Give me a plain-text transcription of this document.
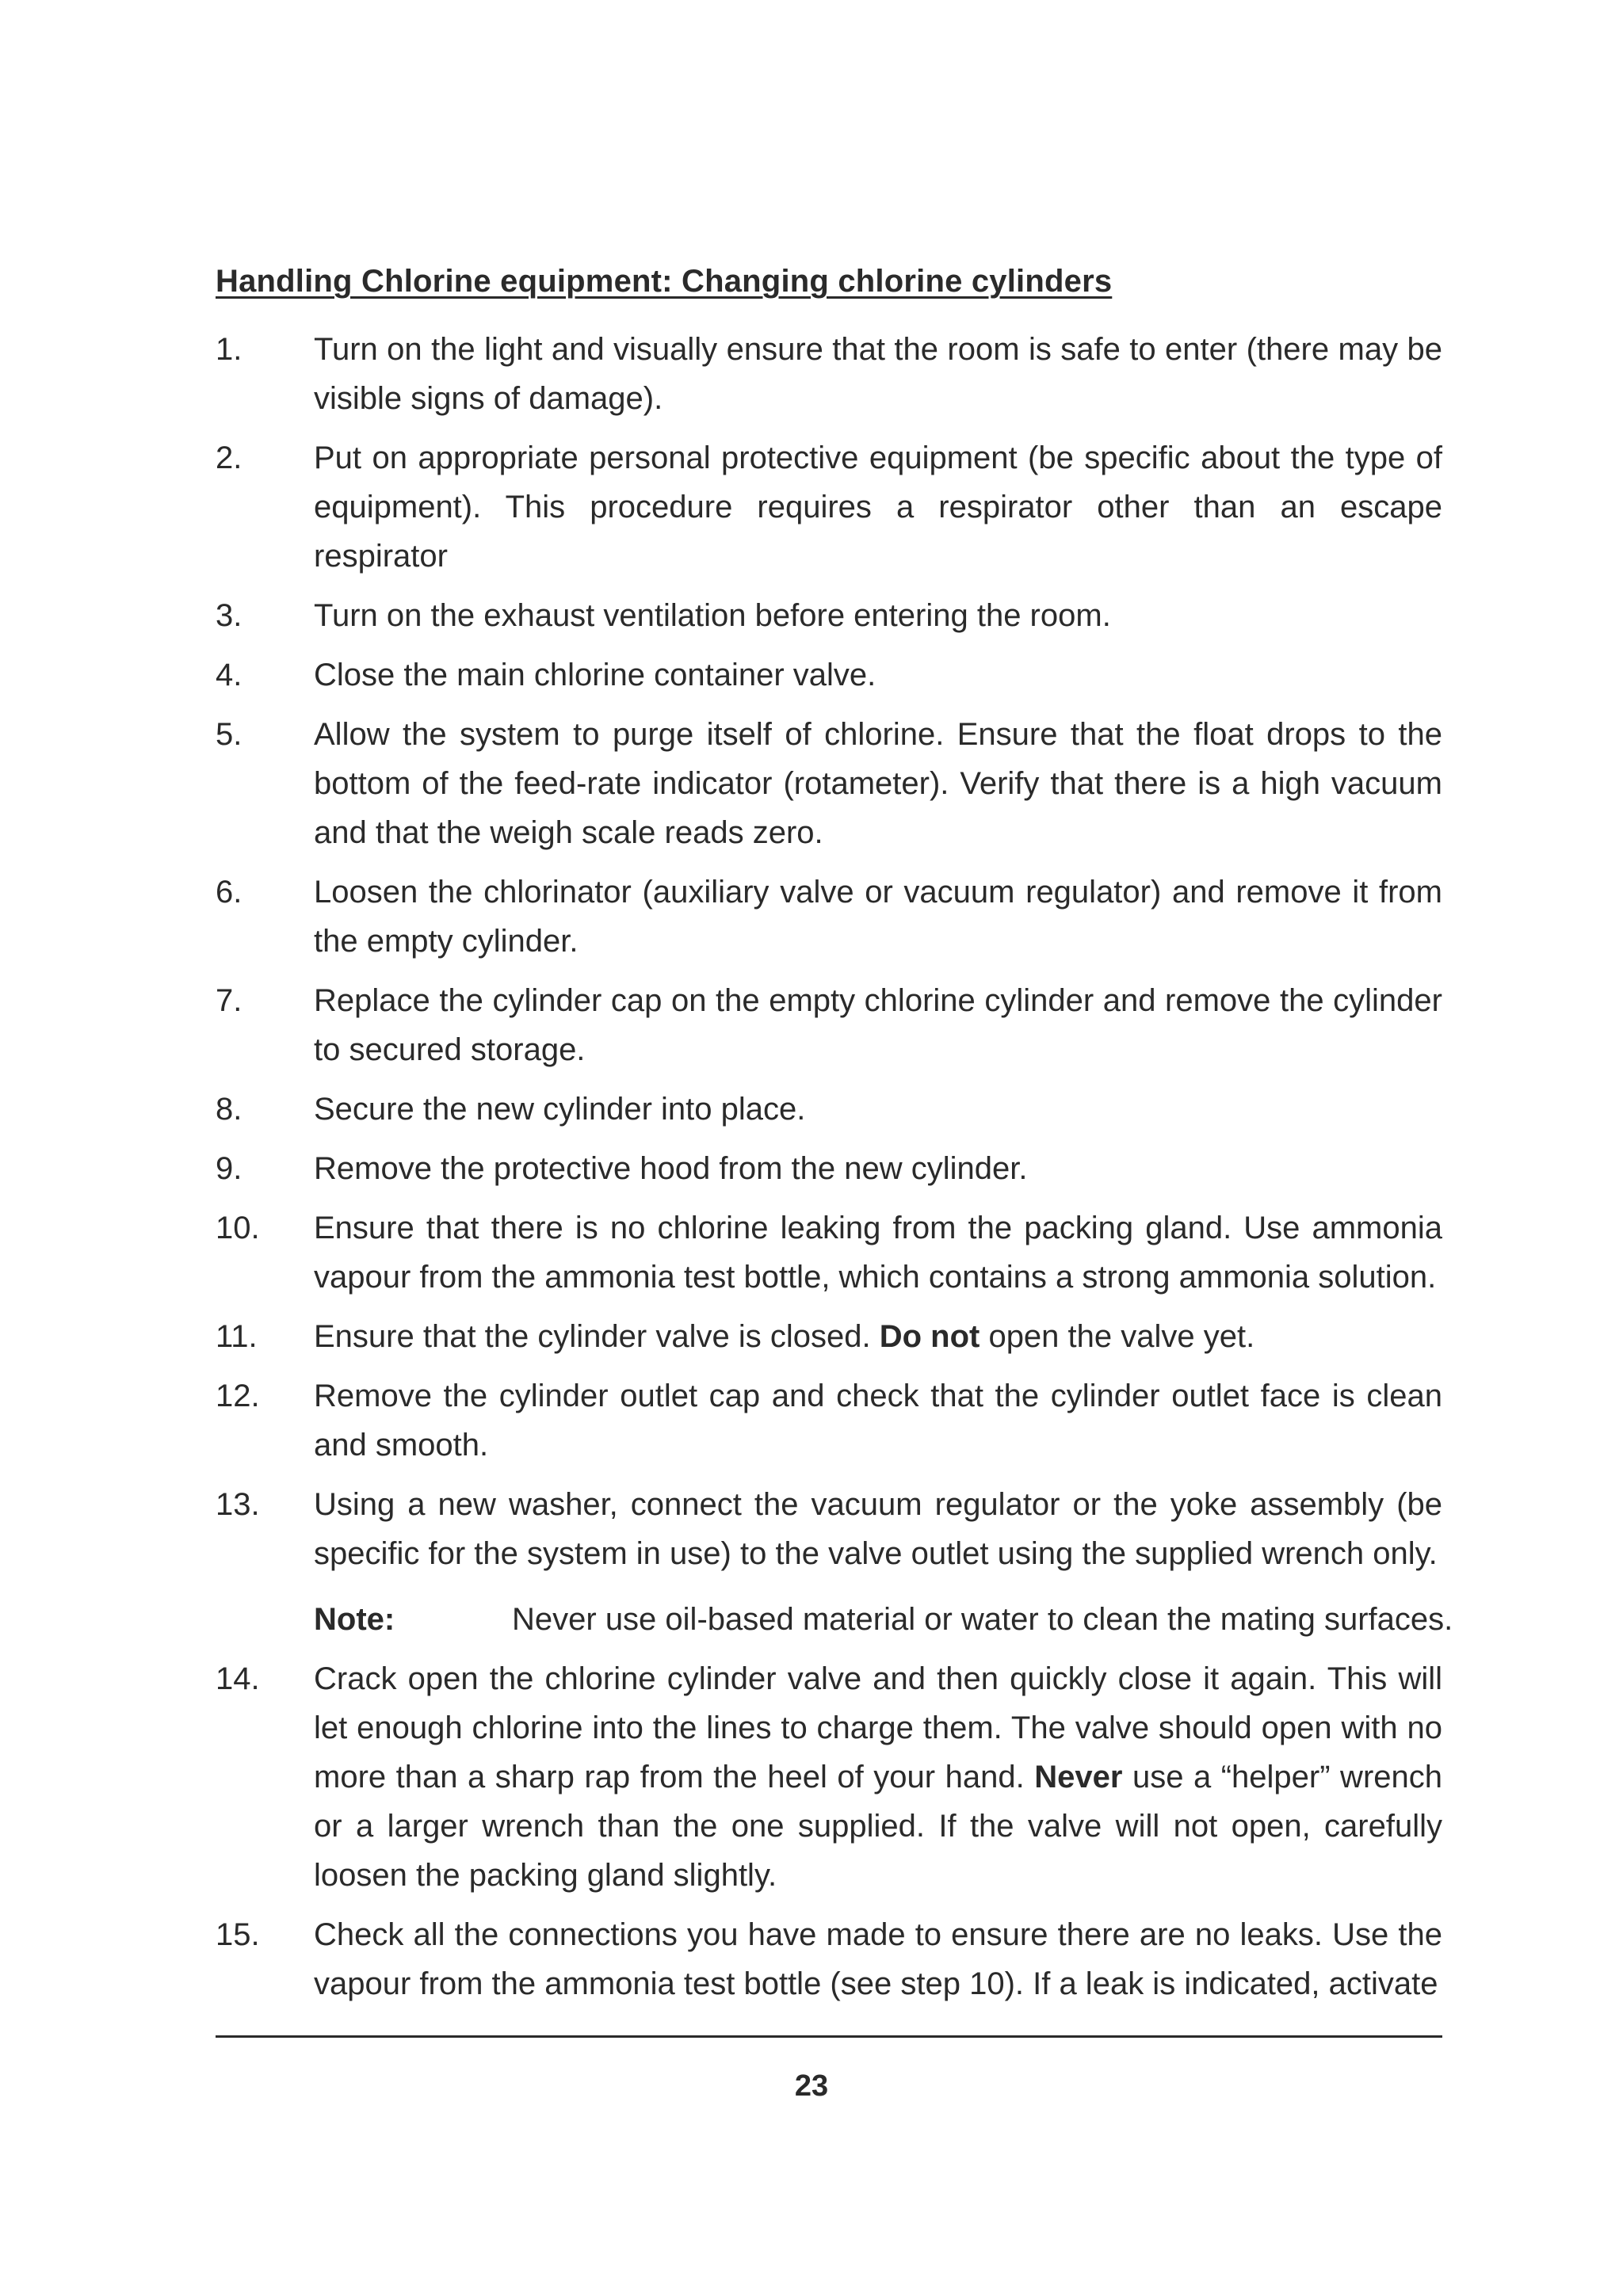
Handling Chlorine equipment: Changing chlorine cylinders
1.	Turn on the light and visually ensure that the room is safe to enter (there may be visible signs of damage).
2.	Put on appropriate personal protective equipment (be specific about the type of equipment). This procedure requires a respirator other than an escape respirator
3.	Turn on the exhaust ventilation before entering the room.
4.	Close the main chlorine container valve.
5.	Allow the system to purge itself of chlorine. Ensure that the float drops to the bottom of the feed-rate indicator (rotameter). Verify that there is a high vacuum and that the weigh scale reads zero.
6.	Loosen the chlorinator (auxiliary valve or vacuum regulator) and remove it from the empty cylinder.
7.	Replace the cylinder cap on the empty chlorine cylinder and remove the cylinder to secured storage.
8.	Secure the new cylinder into place.
9.	Remove the protective hood from the new cylinder.
10.	Ensure that there is no chlorine leaking from the packing gland. Use ammonia vapour from the ammonia test bottle, which contains a strong ammonia solution.
11.	Ensure that the cylinder valve is closed. Do not open the valve yet.
12.	Remove the cylinder outlet cap and check that the cylinder outlet face is clean and smooth.
13.	Using a new washer, connect the vacuum regulator or the yoke assembly (be specific for the system in use) to the valve outlet using the supplied wrench only.
Note:	Never use oil-based material or water to clean the mating surfaces.
14.	Crack open the chlorine cylinder valve and then quickly close it again. This will let enough chlorine into the lines to charge them. The valve should open with no more than a sharp rap from the heel of your hand. Never use a “helper” wrench or a larger wrench than the one supplied. If the valve will not open, carefully loosen the packing gland slightly.
15.	Check all the connections you have made to ensure there are no leaks. Use the vapour from the ammonia test bottle (see step 10). If a leak is indicated, activate
23
